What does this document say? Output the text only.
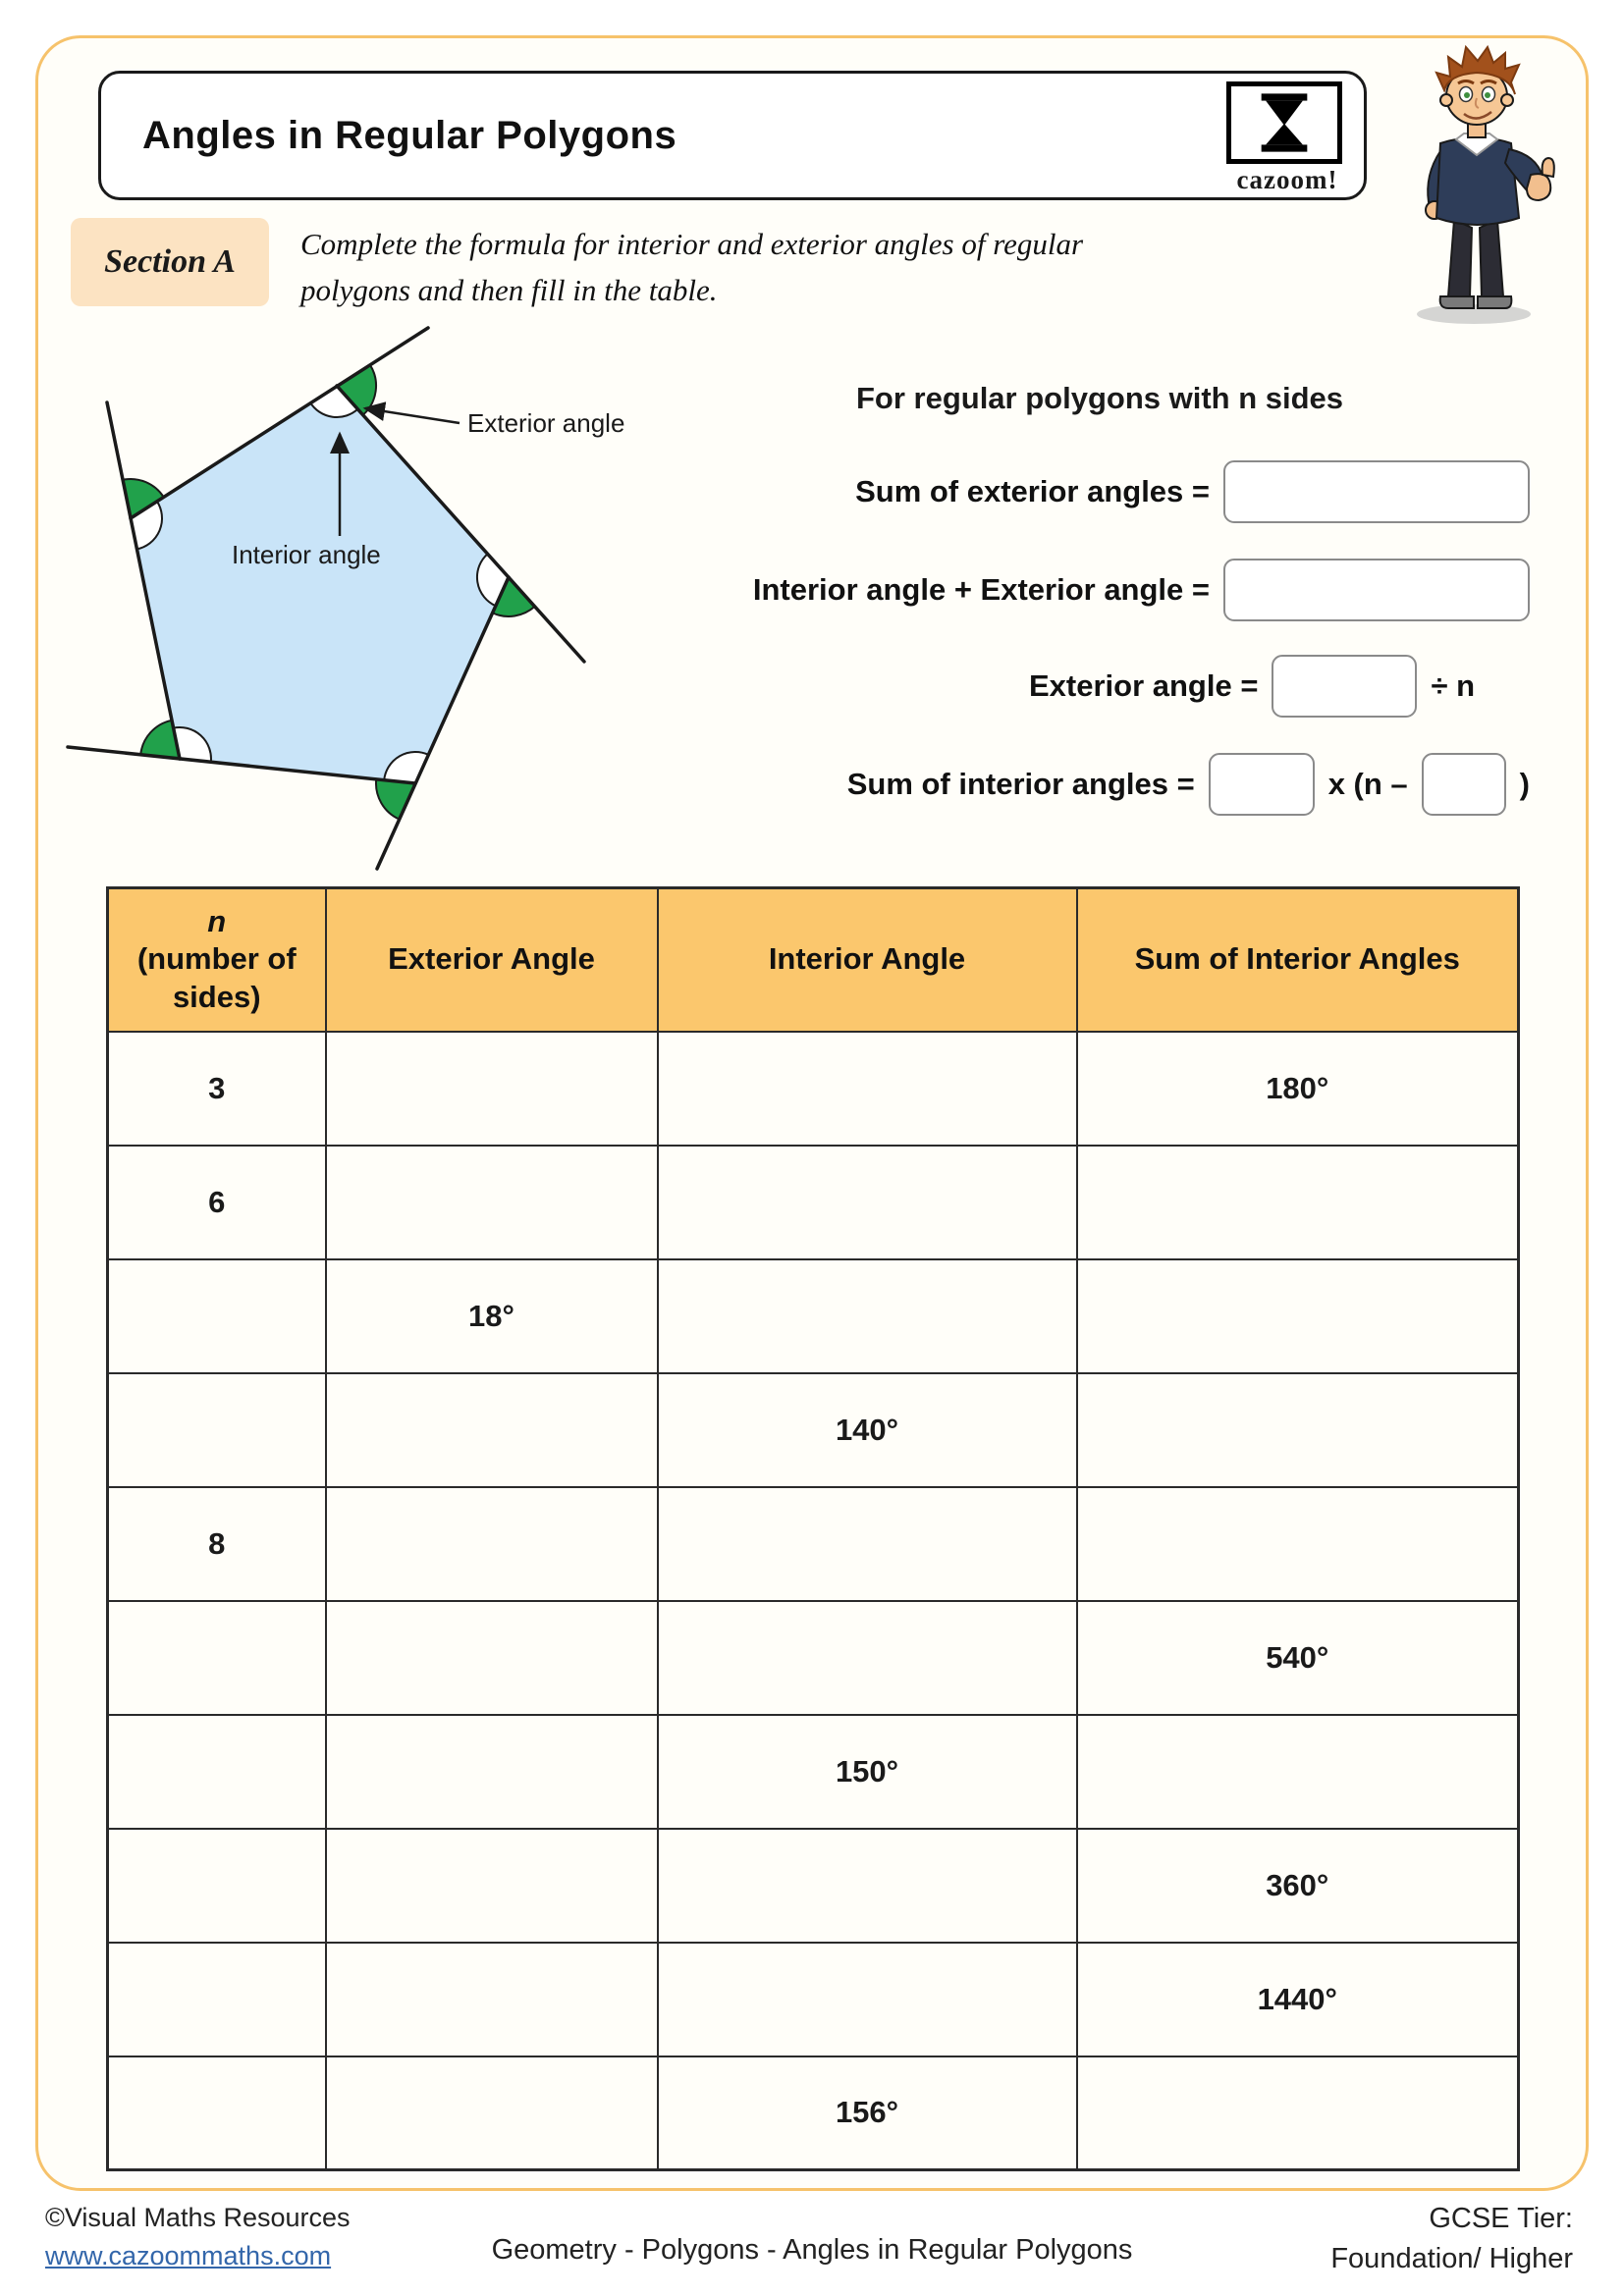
Angles in Regular Polygons
cazoom!
Section A Complete the formula for interior and exterior angles of regular
polygons and then fill in the table.
Exterior angle
Interior angle
For regular polygons with n sides
Sum of exterior angles =
Interior angle + Exterior angle =
Exterior angle =	÷ n
Sum of interior angles =	x (n –	)
n
(number of sides)	Exterior Angle	Interior Angle	Sum of Interior Angles
3			180°
6			
	18°		
		140°	
8			
			540°
		150°	
			360°
			1440°
		156°	
©Visual Maths Resources
www.cazoommaths.com	Geometry - Polygons - Angles in Regular Polygons
GCSE Tier:
Foundation/ Higher
